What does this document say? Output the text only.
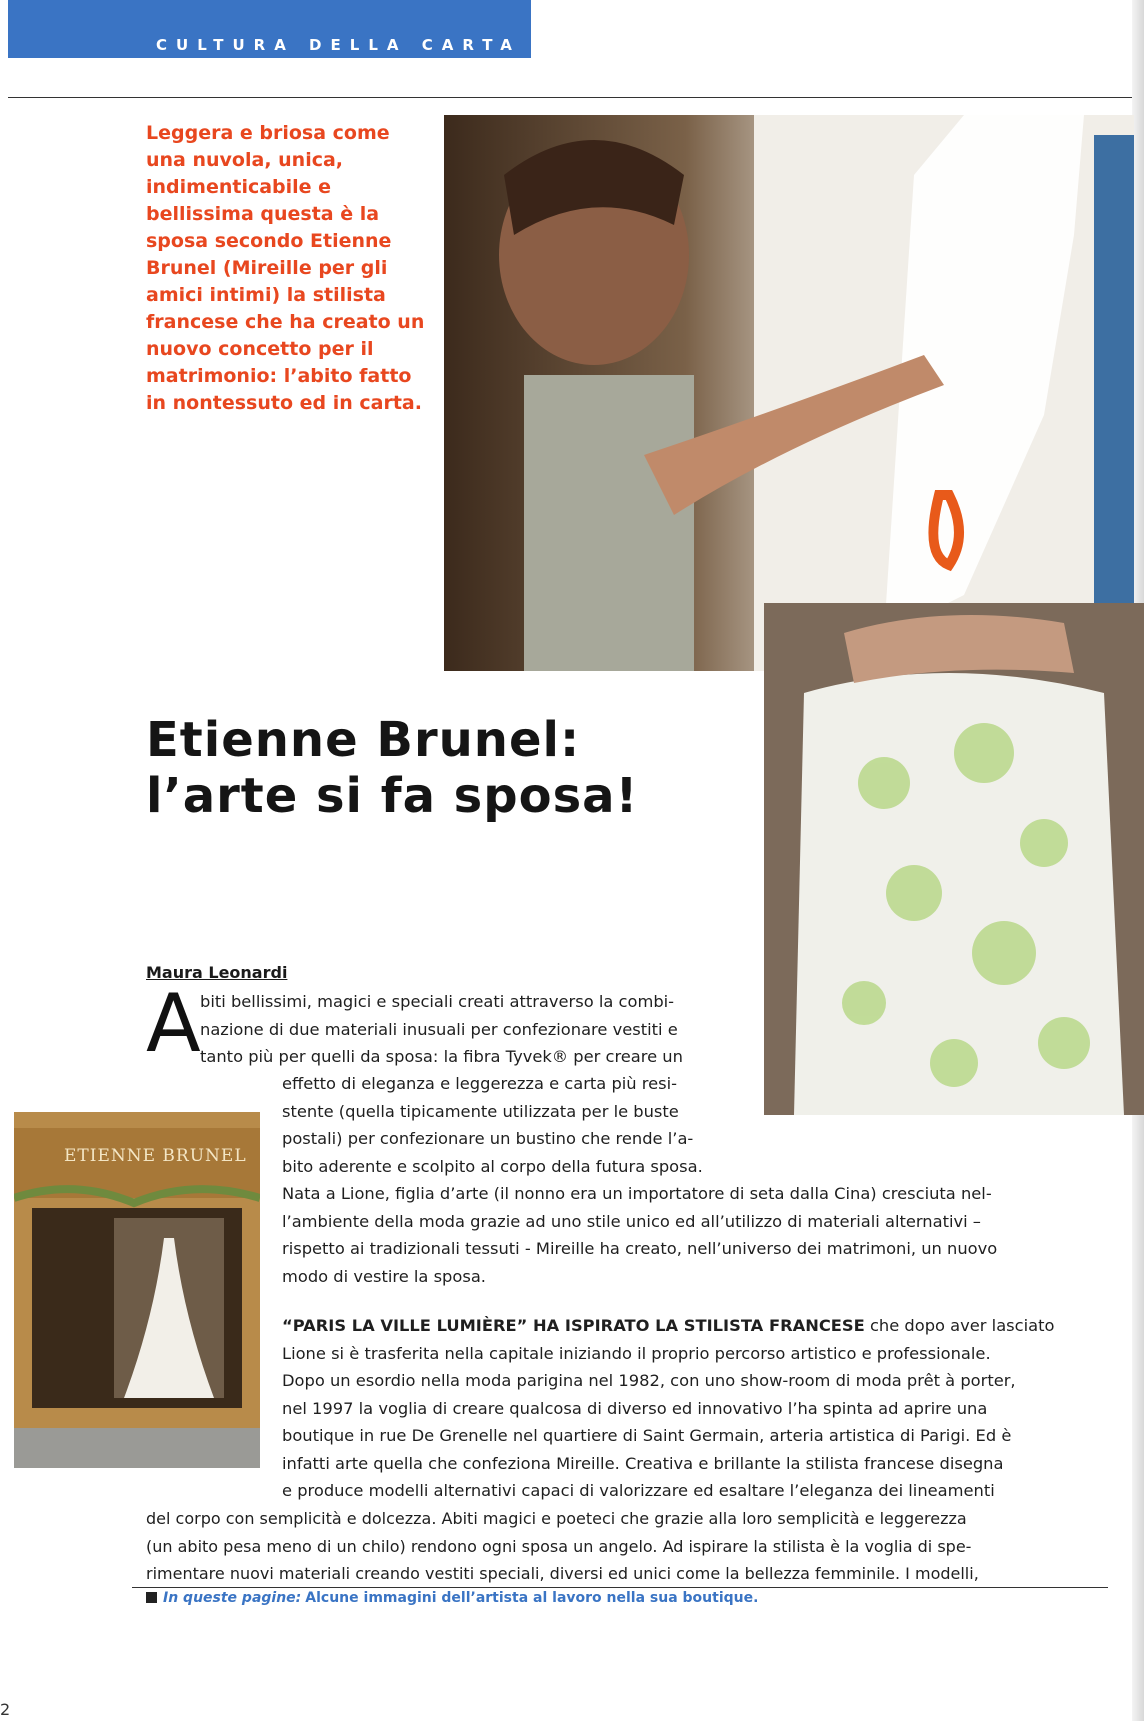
CULTURA DELLA CARTA
Leggera e briosa come una nuvola, unica, indimenticabile e bellissima questa è la sposa secondo Etienne Brunel (Mireille per gli amici intimi) la stilista francese che ha creato un nuovo concetto per il matrimonio: l’abito fatto in nontessuto ed in carta.
Etienne Brunel:
l’arte si fa sposa!
Maura Leonardi
A biti bellissimi, magici e speciali creati attraverso la combi-
nazione di due materiali inusuali per confezionare vestiti e
tanto più per quelli da sposa: la fibra Tyvek® per creare un
effetto di eleganza e leggerezza e carta più resi-
stente (quella tipicamente utilizzata per le buste
postali) per confezionare un bustino che rende l’a-
bito aderente e scolpito al corpo della futura sposa.
ETIENNE BRUNEL
Nata a Lione, figlia d’arte (il nonno era un importatore di seta dalla Cina) cresciuta nel-
l’ambiente della moda grazie ad uno stile unico ed all’utilizzo di materiali alternativi –
rispetto ai tradizionali tessuti - Mireille ha creato, nell’universo dei matrimoni, un nuovo
modo di vestire la sposa.
“PARIS LA VILLE LUMIÈRE” HA ISPIRATO LA STILISTA FRANCESE che dopo aver lasciato
Lione si è trasferita nella capitale iniziando il proprio percorso artistico e professionale.
Dopo un esordio nella moda parigina nel 1982, con uno show-room di moda prêt à porter,
nel 1997 la voglia di creare qualcosa di diverso ed innovativo l’ha spinta ad aprire una
boutique in rue De Grenelle nel quartiere di Saint Germain, arteria artistica di Parigi. Ed è
infatti arte quella che confeziona Mireille. Creativa e brillante la stilista francese disegna
e produce modelli alternativi capaci di valorizzare ed esaltare l’eleganza dei lineamenti
del corpo con semplicità e dolcezza. Abiti magici e poeteci che grazie alla loro semplicità e leggerezza
(un abito pesa meno di un chilo) rendono ogni sposa un angelo. Ad ispirare la stilista è la voglia di spe-
rimentare nuovi materiali creando vestiti speciali, diversi ed unici come la bellezza femminile. I modelli,
In queste pagine: Alcune immagini dell’artista al lavoro nella sua boutique.
2
